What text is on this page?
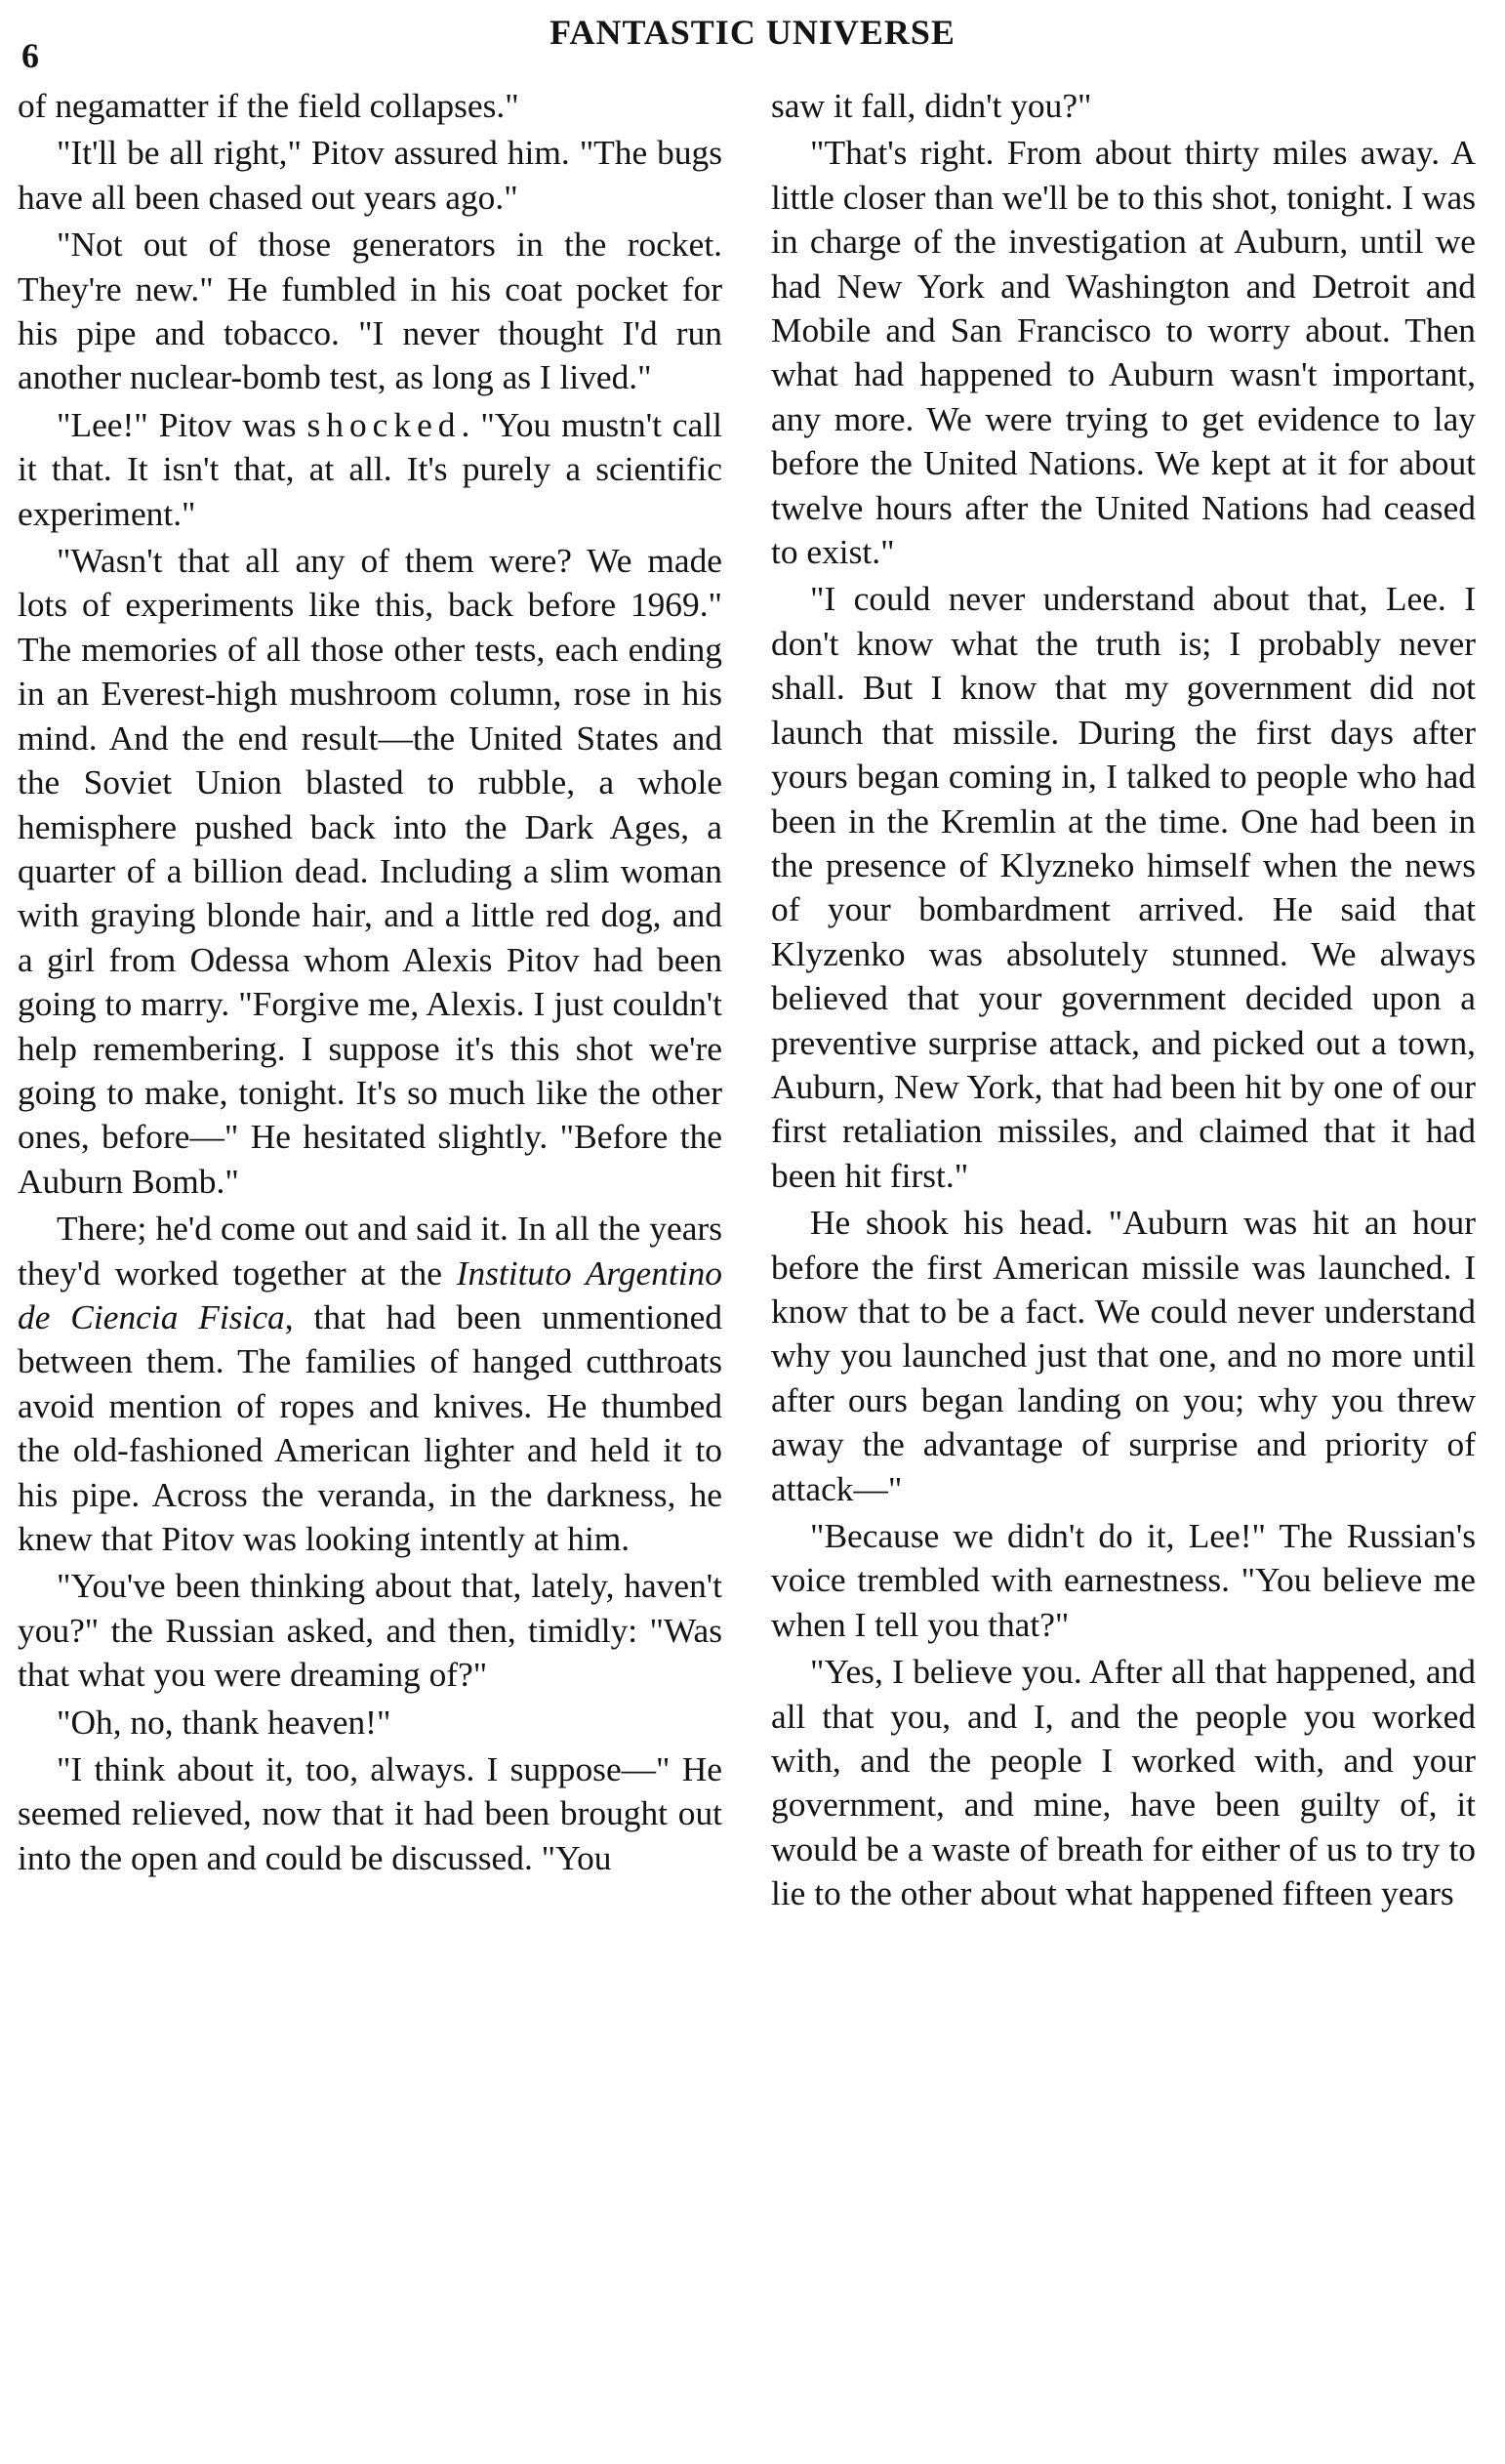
6
FANTASTIC UNIVERSE

of negamatter if the field collapses."

"It'll be all right," Pitov assured him. "The bugs have all been chased out years ago."

"Not out of those generators in the rocket. They're new." He fumbled in his coat pocket for his pipe and tobacco. "I never thought I'd run another nuclear-bomb test, as long as I lived."

"Lee!" Pitov was shocked. "You mustn't call it that. It isn't that, at all. It's purely a scientific experiment."

"Wasn't that all any of them were? We made lots of experiments like this, back before 1969." The memories of all those other tests, each ending in an Everest-high mushroom column, rose in his mind. And the end result—the United States and the Soviet Union blasted to rubble, a whole hemisphere pushed back into the Dark Ages, a quarter of a billion dead. Including a slim woman with graying blonde hair, and a little red dog, and a girl from Odessa whom Alexis Pitov had been going to marry. "Forgive me, Alexis. I just couldn't help remembering. I suppose it's this shot we're going to make, tonight. It's so much like the other ones, before—" He hesitated slightly. "Before the Auburn Bomb."

There; he'd come out and said it. In all the years they'd worked together at the Instituto Argentino de Ciencia Fisica, that had been unmentioned between them. The families of hanged cutthroats avoid mention of ropes and knives. He thumbed the old-fashioned American lighter and held it to his pipe. Across the veranda, in the darkness, he knew that Pitov was looking intently at him.

"You've been thinking about that, lately, haven't you?" the Russian asked, and then, timidly: "Was that what you were dreaming of?"

"Oh, no, thank heaven!"

"I think about it, too, always. I suppose—" He seemed relieved, now that it had been brought out into the open and could be discussed. "You

saw it fall, didn't you?"

"That's right. From about thirty miles away. A little closer than we'll be to this shot, tonight. I was in charge of the investigation at Auburn, until we had New York and Washington and Detroit and Mobile and San Francisco to worry about. Then what had happened to Auburn wasn't important, any more. We were trying to get evidence to lay before the United Nations. We kept at it for about twelve hours after the United Nations had ceased to exist."

"I could never understand about that, Lee. I don't know what the truth is; I probably never shall. But I know that my government did not launch that missile. During the first days after yours began coming in, I talked to people who had been in the Kremlin at the time. One had been in the presence of Klyzneko himself when the news of your bombardment arrived. He said that Klyzenko was absolutely stunned. We always believed that your government decided upon a preventive surprise attack, and picked out a town, Auburn, New York, that had been hit by one of our first retaliation missiles, and claimed that it had been hit first."

He shook his head. "Auburn was hit an hour before the first American missile was launched. I know that to be a fact. We could never understand why you launched just that one, and no more until after ours began landing on you; why you threw away the advantage of surprise and priority of attack—"

"Because we didn't do it, Lee!" The Russian's voice trembled with earnestness. "You believe me when I tell you that?"

"Yes, I believe you. After all that happened, and all that you, and I, and the people you worked with, and the people I worked with, and your government, and mine, have been guilty of, it would be a waste of breath for either of us to try to lie to the other about what happened fifteen years
